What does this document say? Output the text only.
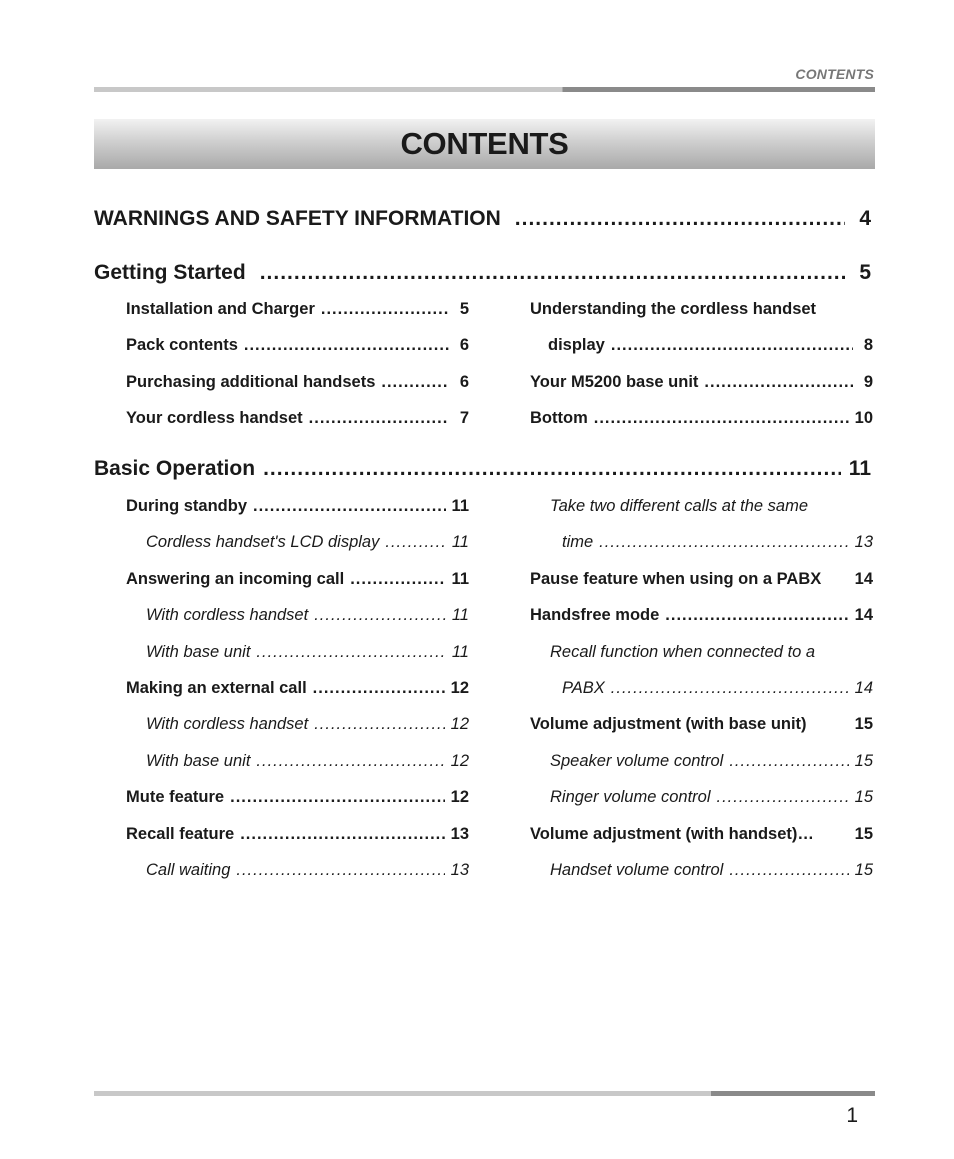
CONTENTS
CONTENTS
WARNINGS AND SAFETY INFORMATION .....	4
Getting Started .....	5
Installation and Charger .....	5
Pack contents .....	6
Purchasing additional handsets .....	6
Your cordless handset .....	7
Understanding the cordless handset
display .....	8
Your M5200 base unit .....	9
Bottom .....	10
Basic Operation .....	11
During standby .....	11
Cordless handset's LCD display .....	11
Answering an incoming call .....	11
With cordless handset .....	11
With base unit .....	11
Making an external call .....	12
With cordless handset .....	12
With base unit .....	12
Mute feature .....	12
Recall feature .....	13
Call waiting .....	13
Take two different calls at the same
time .....	13
Pause feature when using on a PABX 14
Handsfree mode .....	14
Recall function when connected to a
PABX .....	14
Volume adjustment (with base unit)	15
Speaker volume control .....	15
Ringer volume control .....	15
Volume adjustment (with handset)… 15
Handset volume control .....	15
1
